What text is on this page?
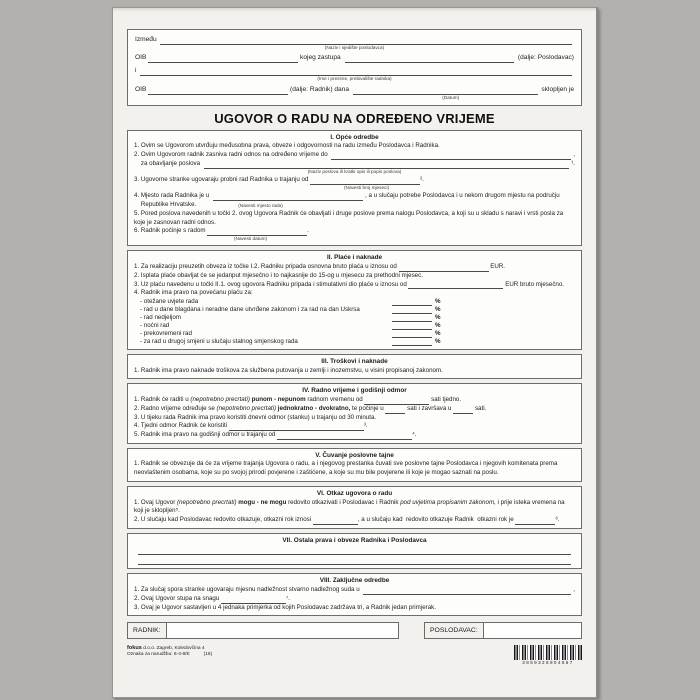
Između
(Naziv i sjedište poslodavca)
OIB	kojeg zastupa	(dalje: Poslodavac)
i
(Ime i prezime, prebivalište radnika)
OIB	(dalje: Radnik) dana	sklopljen je
(Datum)
UGOVOR O RADU NA ODREĐENO VRIJEME
I. Opće odredbe
1. Ovim se Ugovorom utvrđuju međusobna prava, obveze i odgovornosti na radu između Poslodavca i Radnika.
2. Ovim Ugovorom radnik zasniva radni odnos na određeno vrijeme do	,
za obavljanje poslova	¹.
(Naziv poslova ili kratki opis ili popis poslova)
3. Ugovorne stranke ugovaraju probni rad Radnika u trajanju od	².
(Navesti broj mjeseci)
4. Mjesto rada Radnika je u	, a u slučaju potrebe Poslodavca i u nekom drugom mjestu na području
Republike Hrvatske.	(Navesti mjesto rada)
5. Pored poslova navedenih u točki 2. ovog Ugovora Radnik će obavljati i druge poslove prema nalogu Poslodavca, a koji su u skladu s naravi i vrsti posla za koje je zasnovan radni odnos.
6. Radnik počinje s radom	.
(Navesti datum)
II. Plaće i naknade
1. Za realizaciju preuzetih obveza iz točke I.2. Radniku pripada osnovna bruto plaća u iznosu od	EUR.
2. Isplata plaće obavljat će se jedanput mjesečno i to najkasnije do 15-og u mjesecu za prethodni mjesec.
3. Uz plaću navedenu u točki II.1. ovog ugovora Radniku pripada i stimulativni dio plaće u iznosu od	EUR bruto mjesečno.
4. Radnik ima pravo na povećanu plaću za:
- otežane uvjete rada	%
- rad u dane blagdana i neradne dane utvrđene zakonom i za rad na dan Uskrsa	%
- rad nedjeljom	%
- noćni rad	%
- prekovremeni rad	%
- za rad u drugoj smjeni u slučaju stalnog smjenskog rada	%
III. Troškovi i naknade
1. Radnik ima pravo naknade troškova za službena putovanja u zemlji i inozemstvu, u visini propisanoj zakonom.
IV. Radno vrijeme i godišnji odmor
1. Radnik će raditi u (nepotrebno precrtati) punom - nepunom radnom vremenu od	sati tjedno.
2. Radno vrijeme određuje se (nepotrebno precrtati) jednokratno - dvokratno, te počinje u	sati i završava u	sati.
3. U tijeku rada Radnik ima pravo koristiti dnevni odmor (stanku) u trajanju od 30 minuta.
4. Tjedni odmor Radnik će koristiti	³.
5. Radnik ima pravo na godišnji odmor u trajanju od	⁴.
V. Čuvanje poslovne tajne
1. Radnik se obvezuje da će za vrijeme trajanja Ugovora o radu, a i njegovog prestanka čuvati sve poslovne tajne Poslodavca i njegovih komitenata prema neovlaštenim osobama, koje su po svojoj prirodi povjerene i zaštićene, a koje su mu bile povjerene ili koje je mogao saznati na poslu.
VI. Otkaz ugovora o radu
1. Ovaj Ugovor (nepotrebno precrtati) mogu - ne mogu redovito otkazivati i Poslodavac i Radnik pod uvjetima propisanim zakonom, i prije isteka vremena na koji je sklopljen⁵.
2. U slučaju kad Poslodavac redovito otkazuje, otkazni rok iznosi	, a u slučaju kad  redovito otkazuje Radnik  otkazni rok je	⁶.
VII. Ostala prava i obveze Radnika i Poslodavca
VIII. Zaključne odredbe
1. Za slučaj spora stranke ugovaraju mjesnu nadležnost stvarno nadležnog suda u	,
2. Ovaj Ugovor stupa na snagu	⁷.
3. Ovaj je Ugovor sastavljen u 4 jednaka primjerka od kojih Poslodavac zadržava tri, a Radnik jedan primjerak.
RADNIK:	POSLODAVAC:
fokus d.o.o. Zagreb, Koledovčina 4
Oznaka za narudžbu: 6-4-8/E	(16)
3859328904667
